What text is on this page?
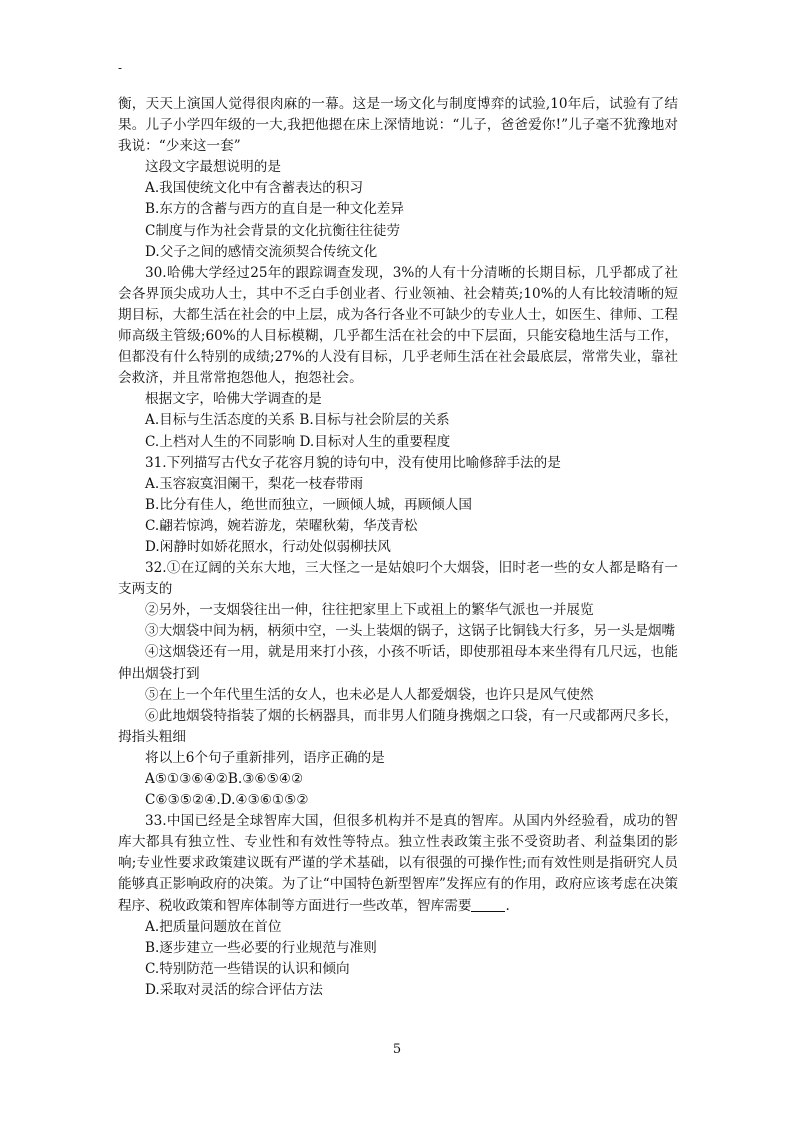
-

衡，天天上演国人觉得很肉麻的一幕。这是一场文化与制度博弈的试验,10年后，试验有了结果。儿子小学四年级的一大,我把他摁在床上深情地说：“儿子，爸爸爱你!”儿子毫不犹豫地对我说：“少来这一套”

这段文字最想说明的是

A.我国使统文化中有含蓄表达的积习

B.东方的含蓄与西方的直自是一种文化差异

C制度与作为社会背景的文化抗衡往往徒劳

D.父子之间的感情交流须契合传统文化

30.哈佛大学经过25年的跟踪调查发现，3%的人有十分清晰的长期目标，几乎都成了社会各界顶尖成功人士，其中不乏白手创业者、行业领袖、社会精英;10%的人有比较清晰的短期目标，大都生活在社会的中上层，成为各行各业不可缺少的专业人士，如医生、律师、工程师高级主管级;60%的人目标模糊，几乎都生活在社会的中下层面，只能安稳地生活与工作，但都没有什么特别的成绩;27%的人没有目标，几乎老师生活在社会最底层，常常失业，靠社会救济，并且常常抱怨他人，抱怨社会。

根据文字，哈佛大学调查的是

A.目标与生活态度的关系 B.目标与社会阶层的关系

C.上档对人生的不同影响 D.目标对人生的重要程度

31.下列描写古代女子花容月貌的诗句中，没有使用比喻修辞手法的是

A.玉容寂寞泪阑干，梨花一枝春带雨

B.比分有佳人，绝世而独立，一顾倾人城，再顾倾人国

C.翩若惊鸿，婉若游龙，荣曜秋菊，华茂青松

D.闲静时如娇花照水，行动处似弱柳扶风

32.①在辽阔的关东大地，三大怪之一是姑娘叼个大烟袋，旧时老一些的女人都是略有一支两支的

②另外，一支烟袋往出一伸，往往把家里上下或祖上的繁华气派也一并展览

③大烟袋中间为柄，柄须中空，一头上装烟的锅子，这锅子比铜钱大行多，另一头是烟嘴

④这烟袋还有一用，就是用来打小孩，小孩不听话，即使那祖母本来坐得有几尺远，也能伸出烟袋打到

⑤在上一个年代里生活的女人，也未必是人人都爱烟袋，也许只是风气使然

⑥此地烟袋特指装了烟的长柄器具，而非男人们随身携烟之口袋，有一尺或都两尺多长，拇指头粗细

将以上6个句子重新排列，语序正确的是

A⑤①③⑥④②B.③⑥⑤④②

C⑥③⑤②④.D.④③⑥①⑤②

33.中国已经是全球智库大国，但很多机构并不是真的智库。从国内外经验看，成功的智库大都具有独立性、专业性和有效性等特点。独立性表政策主张不受资助者、利益集团的影响;专业性要求政策建议既有严谨的学术基础，以有很强的可操作性;而有效性则是指研究人员能够真正影响政府的决策。为了让“中国特色新型智库”发挥应有的作用，政府应该考虑在决策程序、税收政策和智库体制等方面进行一些改革，智库需要	.

A.把质量问题放在首位

B.逐步建立一些必要的行业规范与准则

C.特别防范一些错误的认识和倾向

D.采取对灵活的综合评估方法

5
